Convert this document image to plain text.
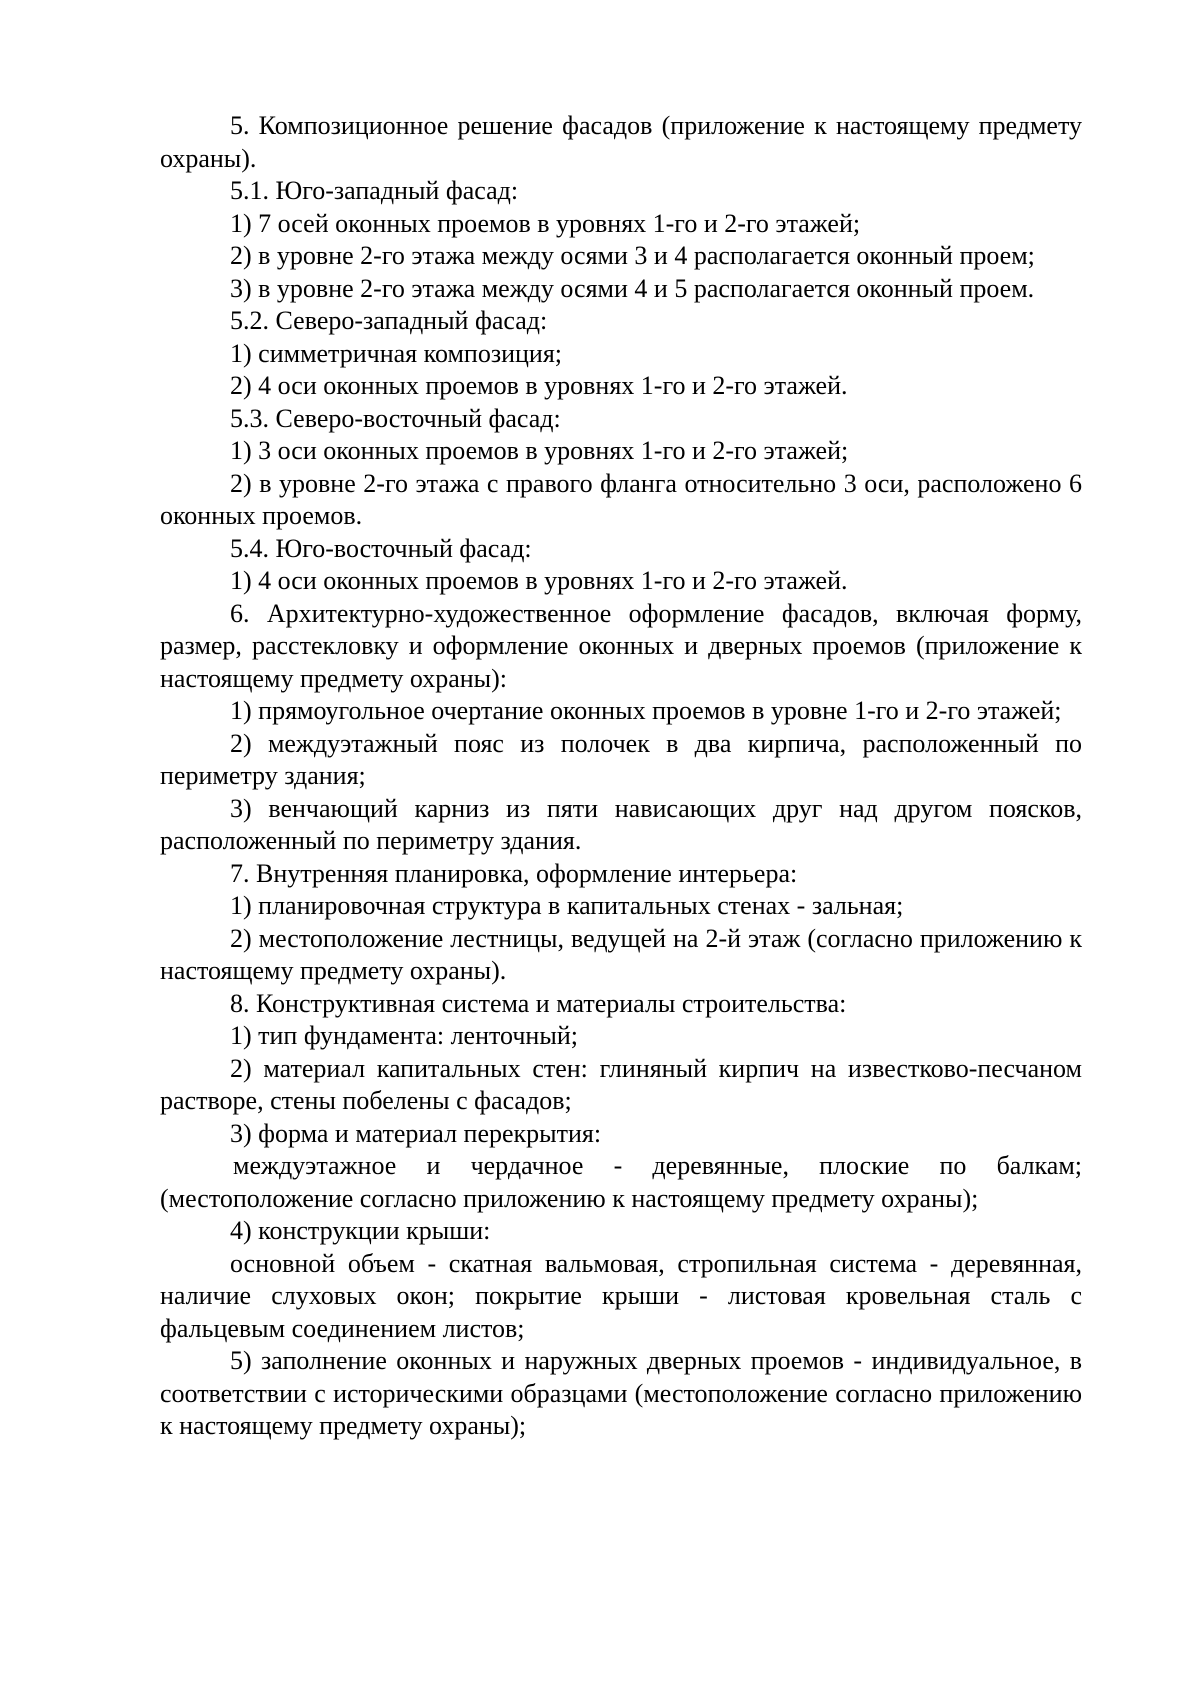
5. Композиционное решение фасадов (приложение к настоящему предмету охраны).

5.1. Юго-западный фасад:

1) 7 осей оконных проемов в уровнях 1-го и 2-го этажей;

2) в уровне 2-го этажа между осями 3 и 4 располагается оконный проем;

3) в уровне 2-го этажа между осями 4 и 5 располагается оконный проем.

5.2. Северо-западный фасад:

1) симметричная композиция;

2) 4 оси оконных проемов в уровнях 1-го и 2-го этажей.

5.3. Северо-восточный фасад:

1) 3 оси оконных проемов в уровнях 1-го и 2-го этажей;

2) в уровне 2-го этажа с правого фланга относительно 3 оси, расположено 6 оконных проемов.

5.4. Юго-восточный фасад:

1) 4 оси оконных проемов в уровнях 1-го и 2-го этажей.

6. Архитектурно-художественное оформление фасадов, включая форму, размер, расстекловку и оформление оконных и дверных проемов (приложение к настоящему предмету охраны):

1) прямоугольное очертание оконных проемов в уровне 1-го и 2-го этажей;

2) междуэтажный пояс из полочек в два кирпича, расположенный по периметру здания;

3) венчающий карниз из пяти нависающих друг над другом поясков, расположенный по периметру здания.

7. Внутренняя планировка, оформление интерьера:

1) планировочная структура в капитальных стенах - зальная;

2) местоположение лестницы, ведущей на 2-й этаж (согласно приложению к настоящему предмету охраны).

8. Конструктивная система и материалы строительства:

1) тип фундамента: ленточный;

2) материал капитальных стен: глиняный кирпич на известково-песчаном растворе, стены побелены с фасадов;

3) форма и материал перекрытия:

междуэтажное и чердачное - деревянные, плоские по балкам; (местоположение согласно приложению к настоящему предмету охраны);

4) конструкции крыши:

основной объем - скатная вальмовая, стропильная система - деревянная, наличие слуховых окон; покрытие крыши - листовая кровельная сталь с фальцевым соединением листов;

5) заполнение оконных и наружных дверных проемов - индивидуальное, в соответствии с историческими образцами (местоположение согласно приложению к настоящему предмету охраны);
